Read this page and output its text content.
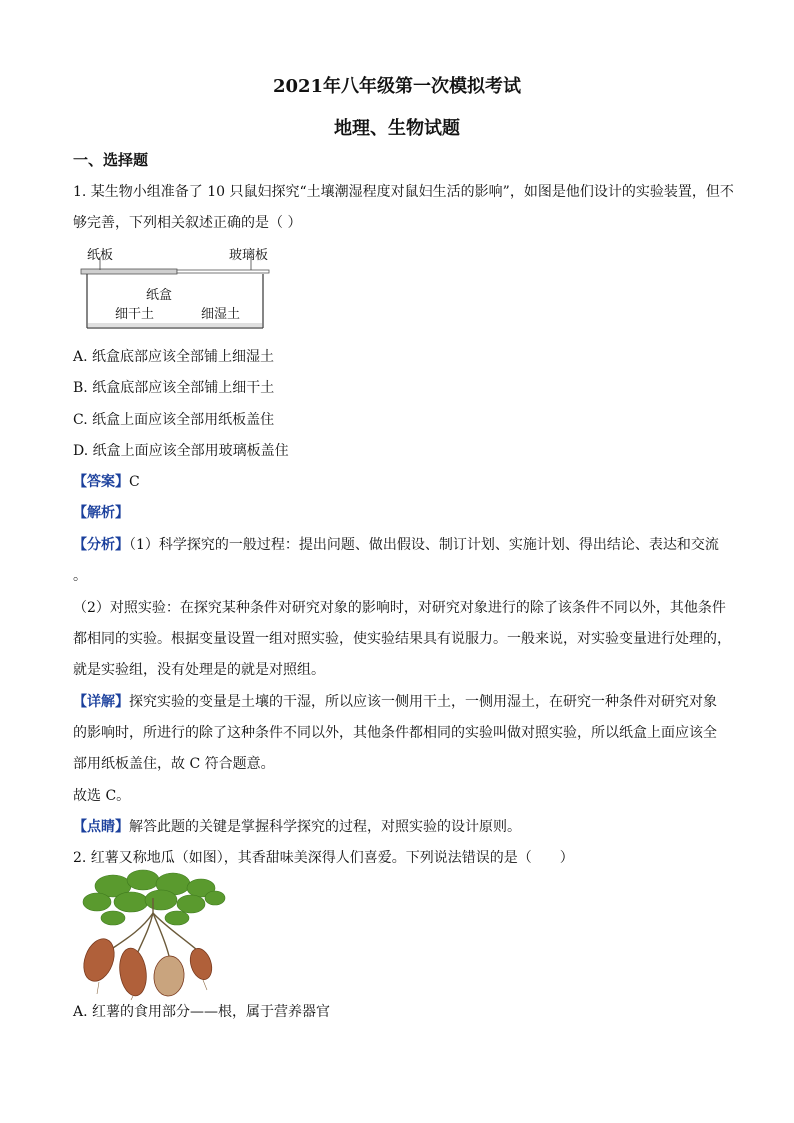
2021年八年级第一次模拟考试
地理、生物试题
一、选择题
1. 某生物小组准备了 10 只鼠妇探究“土壤潮湿程度对鼠妇生活的影响”，如图是他们设计的实验装置，但不
够完善，下列相关叙述正确的是（ ）
纸板	玻璃板
纸盒
细干土	细湿土
A. 纸盒底部应该全部铺上细湿土
B. 纸盒底部应该全部铺上细干土
C. 纸盒上面应该全部用纸板盖住
D. 纸盒上面应该全部用玻璃板盖住
【答案】C
【解析】
【分析】（1）科学探究的一般过程：提出问题、做出假设、制订计划、实施计划、得出结论、表达和交流
。
（2）对照实验：在探究某种条件对研究对象的影响时，对研究对象进行的除了该条件不同以外，其他条件
都相同的实验。根据变量设置一组对照实验，使实验结果具有说服力。一般来说，对实验变量进行处理的，
就是实验组，没有处理是的就是对照组。
【详解】探究实验的变量是土壤的干湿，所以应该一侧用干土，一侧用湿土，在研究一种条件对研究对象
的影响时，所进行的除了这种条件不同以外，其他条件都相同的实验叫做对照实验，所以纸盒上面应该全
部用纸板盖住，故 C 符合题意。
故选 C。
【点睛】解答此题的关键是掌握科学探究的过程，对照实验的设计原则。
2. 红薯又称地瓜（如图），其香甜味美深得人们喜爱。下列说法错误的是（　　）
A. 红薯的食用部分——根，属于营养器官
